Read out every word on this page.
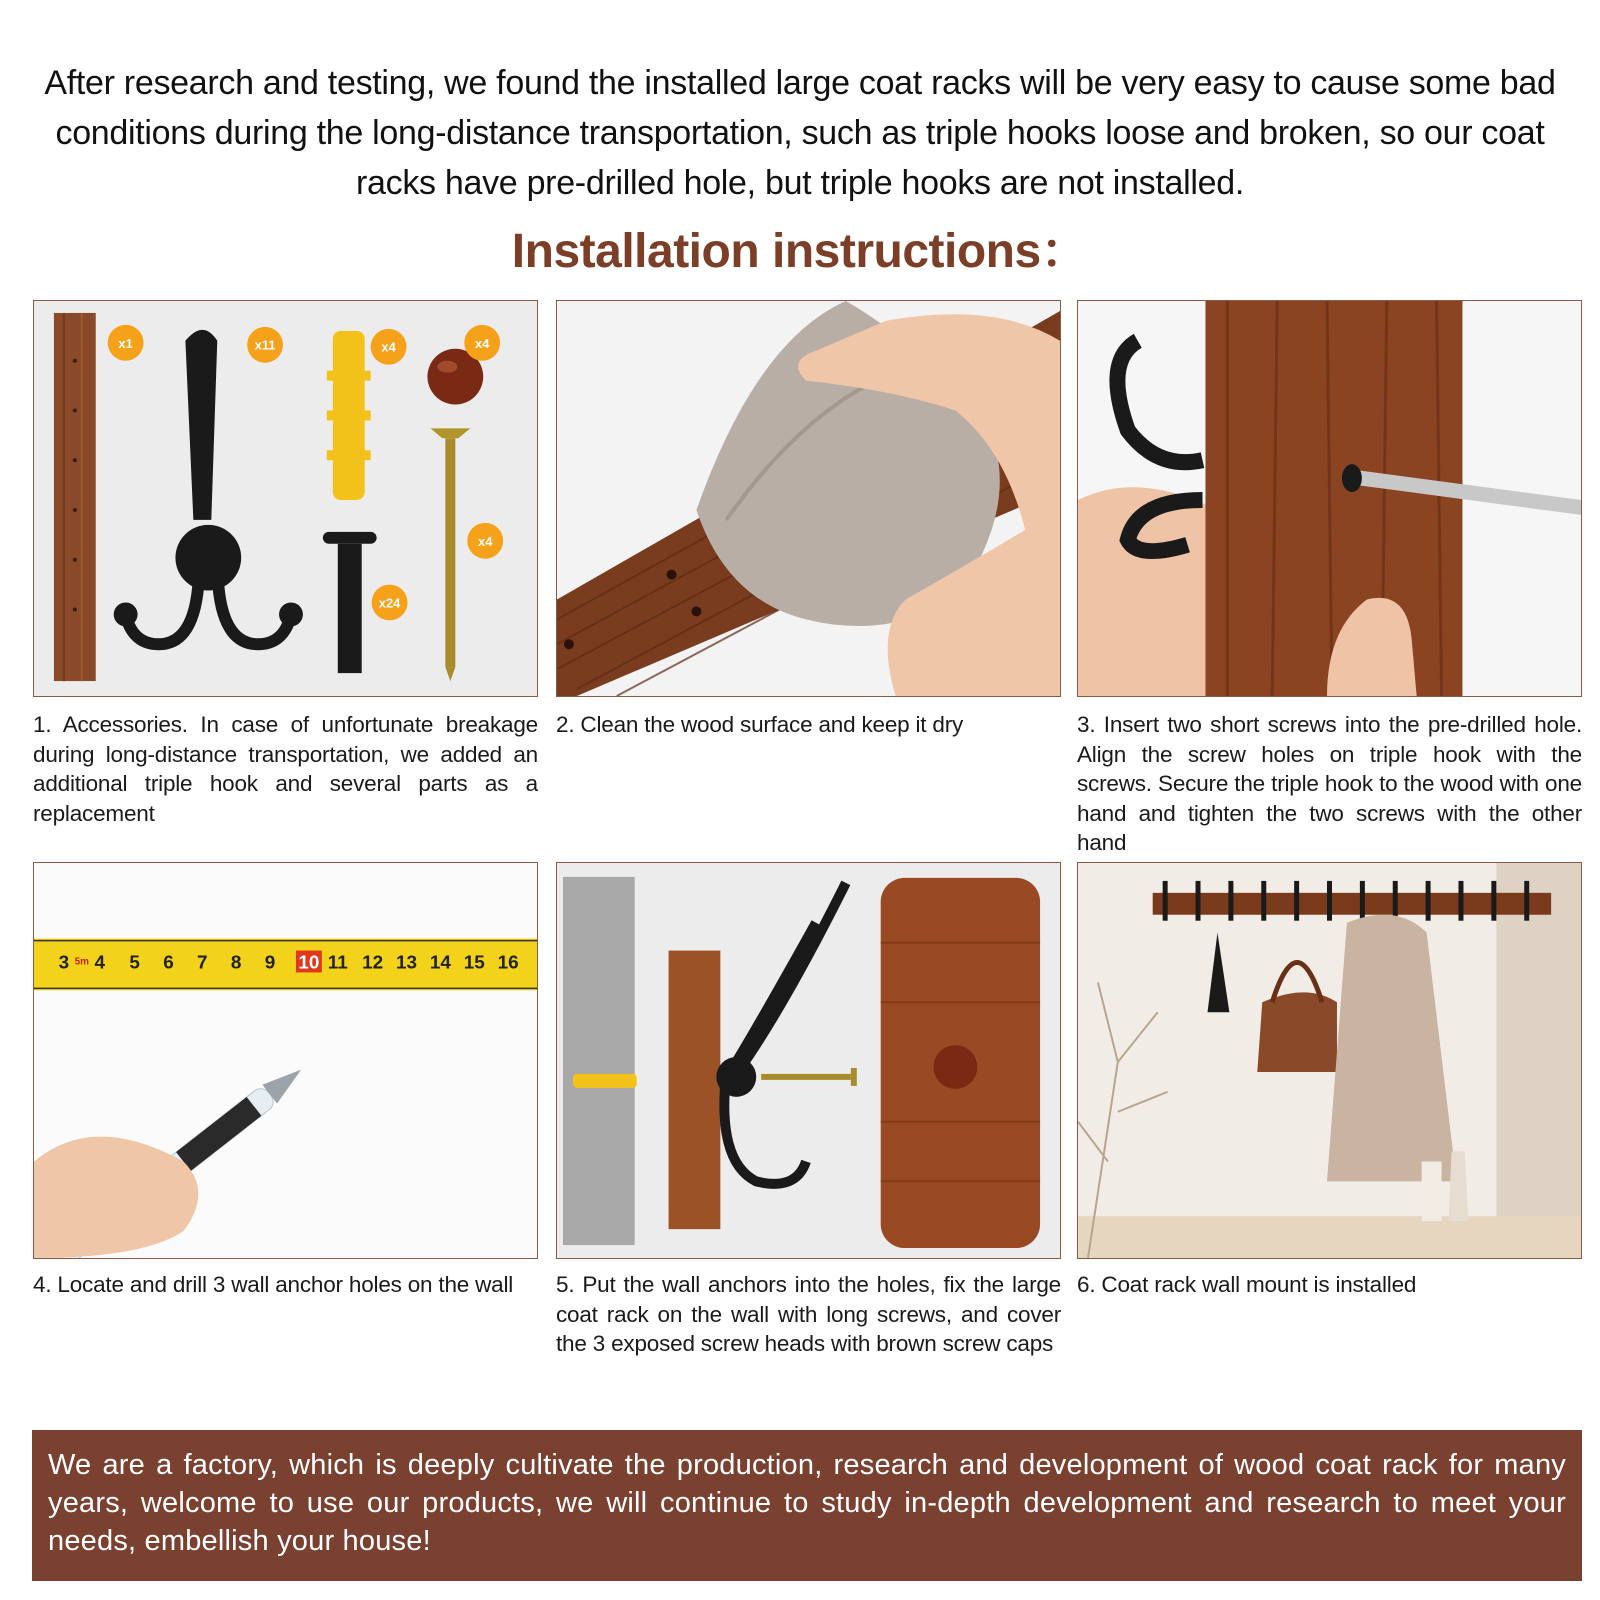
After research and testing, we found the installed large coat racks will be very easy to cause some bad conditions during the long-distance transportation, such as triple hooks loose and broken, so our coat racks have pre-drilled hole, but triple hooks are not installed.
Installation instructions：
x1	x11	x4	x4
x4
x24
1. Accessories. In case of unfortunate breakage during long-distance transportation, we added an additional triple hook and several parts as a replacement
2. Clean the wood surface and keep it dry	3. Insert two short screws into the pre-drilled hole. Align the screw holes on triple hook with the screws. Secure the triple hook to the wood with one hand and tighten the two screws with the other hand
3 5m 4 5 6 7 8 9 10 11 12 13 14 15 16
4. Locate and drill 3 wall anchor holes on the wall	5. Put the wall anchors into the holes, fix the large coat rack on the wall with long screws, and cover the 3 exposed screw heads with brown screw caps
6. Coat rack wall mount is installed
We are a factory, which is deeply cultivate the production, research and development of wood coat rack for many years, welcome to use our products, we will continue to study in-depth development and research to meet your needs, embellish your house!
